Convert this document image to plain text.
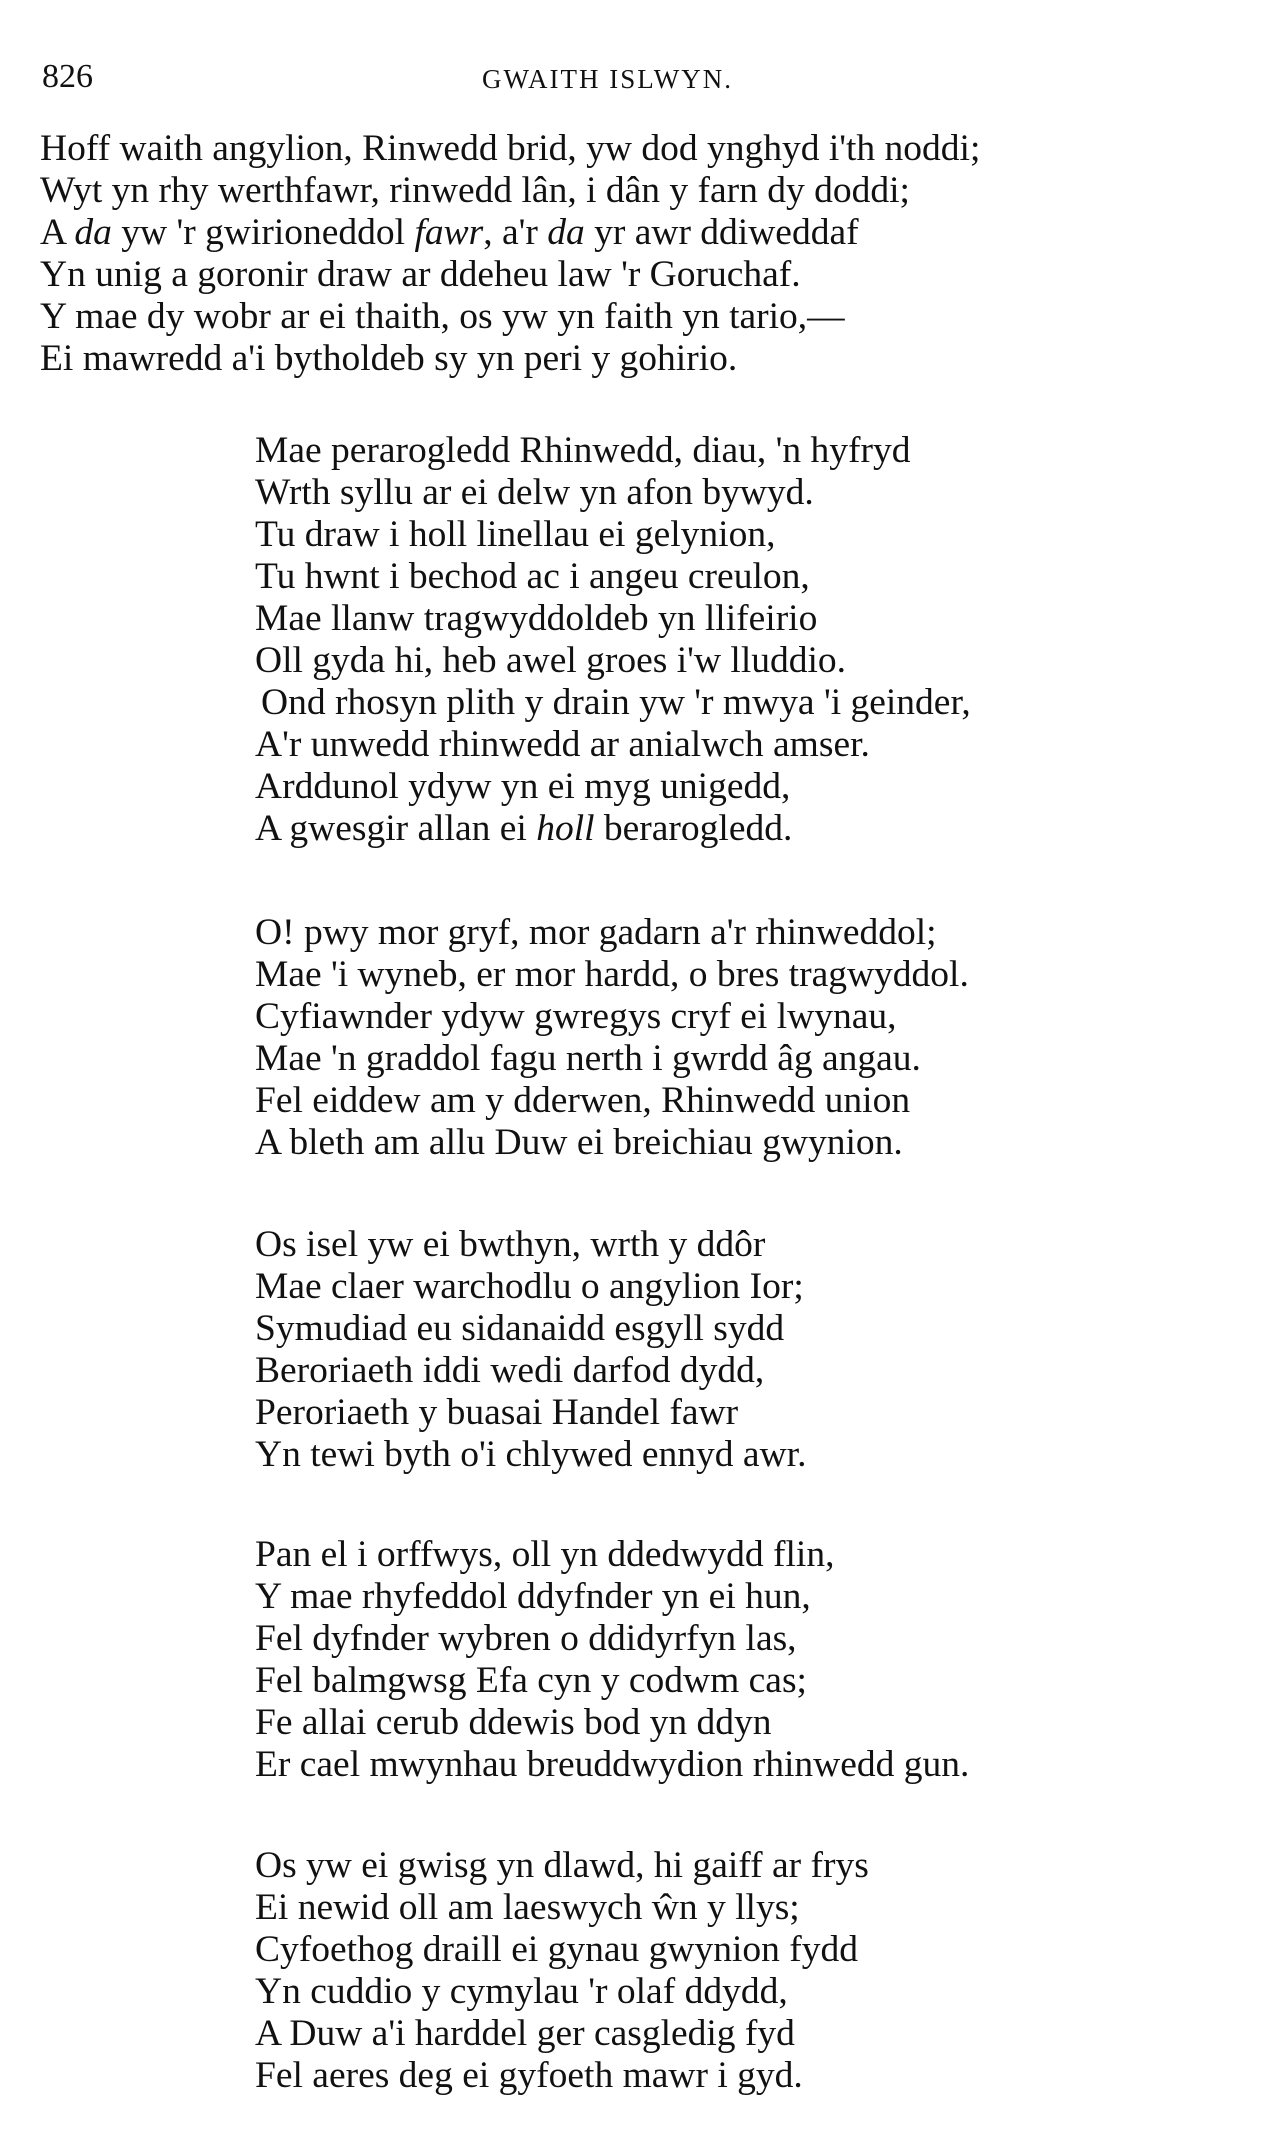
826	GWAITH ISLWYN.
Hoff waith angylion, Rinwedd brid, yw dod ynghyd i'th noddi;
Wyt yn rhy werthfawr, rinwedd lân, i dân y farn dy doddi;
A da yw 'r gwirioneddol fawr, a'r da yr awr ddiweddaf
Yn unig a goronir draw ar ddeheu law 'r Goruchaf.
Y mae dy wobr ar ei thaith, os yw yn faith yn tario,—
Ei mawredd a'i bytholdeb sy yn peri y gohirio.
Mae perarogledd Rhinwedd, diau, 'n hyfryd
Wrth syllu ar ei delw yn afon bywyd.
Tu draw i holl linellau ei gelynion,
Tu hwnt i bechod ac i angeu creulon,
Mae llanw tragwyddoldeb yn llifeirio
Oll gyda hi, heb awel groes i'w lluddio.
Ond rhosyn plith y drain yw 'r mwya 'i geinder,
A'r unwedd rhinwedd ar anialwch amser.
Arddunol ydyw yn ei myg unigedd,
A gwesgir allan ei holl berarogledd.
O! pwy mor gryf, mor gadarn a'r rhinweddol;
Mae 'i wyneb, er mor hardd, o bres tragwyddol.
Cyfiawnder ydyw gwregys cryf ei lwynau,
Mae 'n graddol fagu nerth i gwrdd âg angau.
Fel eiddew am y dderwen, Rhinwedd union
A bleth am allu Duw ei breichiau gwynion.
Os isel yw ei bwthyn, wrth y ddôr
Mae claer warchodlu o angylion Ior;
Symudiad eu sidanaidd esgyll sydd
Beroriaeth iddi wedi darfod dydd,
Peroriaeth y buasai Handel fawr
Yn tewi byth o'i chlywed ennyd awr.
Pan el i orffwys, oll yn ddedwydd flin,
Y mae rhyfeddol ddyfnder yn ei hun,
Fel dyfnder wybren o ddidyrfyn las,
Fel balmgwsg Efa cyn y codwm cas;
Fe allai cerub ddewis bod yn ddyn
Er cael mwynhau breuddwydion rhinwedd gun.
Os yw ei gwisg yn dlawd, hi gaiff ar frys
Ei newid oll am laeswych ŵn y llys;
Cyfoethog draill ei gynau gwynion fydd
Yn cuddio y cymylau 'r olaf ddydd,
A Duw a'i harddel ger casgledig fyd
Fel aeres deg ei gyfoeth mawr i gyd.
